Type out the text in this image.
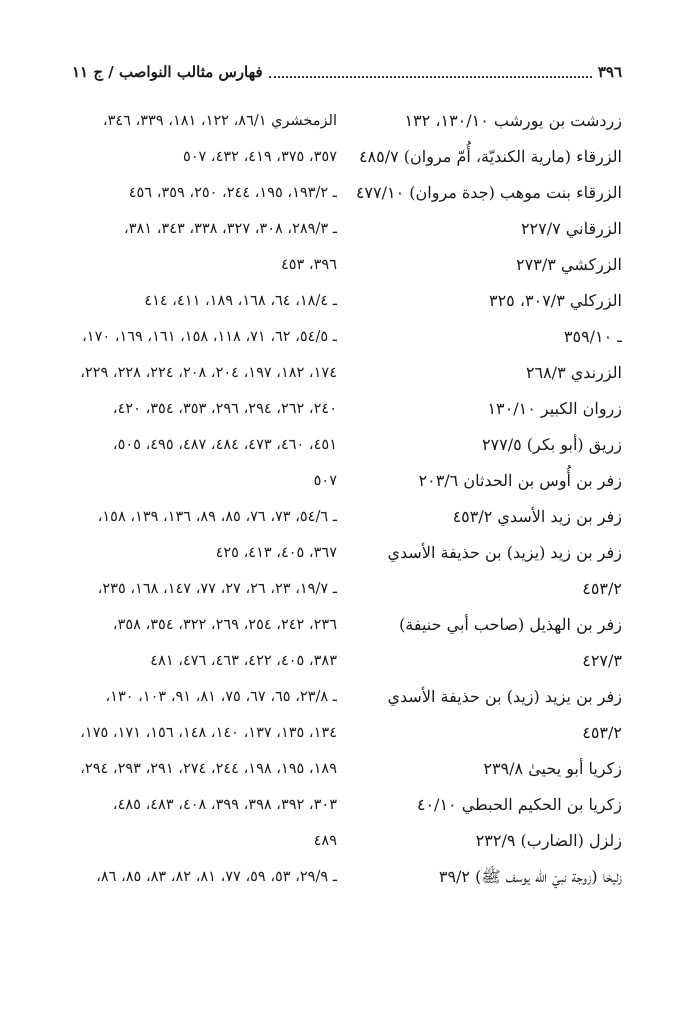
٣٩٦
فهارس مثالب النواصب / ج ١١
زردشت بن يورشب ١٣٠/١٠، ١٣٢
الزرقاء (مارية الكنديّة، أُمّ مروان) ٤٨٥/٧
الزرقاء بنت موهب (جدة مروان) ٤٧٧/١٠
الزرقاني ٢٢٧/٧
الزركشي ٢٧٣/٣
الزركلي ٣٠٧/٣، ٣٢٥
ـ ٣٥٩/١٠
الزرندي ٢٦٨/٣
زروان الكبير ١٣٠/١٠
زريق (أبو بكر) ٢٧٧/٥
زفر بن أُوس بن الحدثان ٢٠٣/٦
زفر بن زيد الأسدي ٤٥٣/٢
زفر بن زيد (يزيد) بن حذيفة الأسدي
٤٥٣/٢
زفر بن الهذيل (صاحب أبي حنيفة)
٤٢٧/٣
زفر بن يزيد (زيد) بن حذيفة الأسدي
٤٥٣/٢
زكريا أبو يحيىٰ ٢٣٩/٨
زكريا بن الحكيم الحبطي ٤٠/١٠
زلزل (الضارب) ٢٣٢/٩
زليخا (زوجة نبيّ الله يوسف ﷺ) ٣٩/٢
الزمخشري ٨٦/١، ١٢٢، ١٨١، ٣٣٩، ٣٤٦،
٣٥٧، ٣٧٥، ٤١٩، ٤٣٢، ٥٠٧
ـ ١٩٣/٢، ١٩٥، ٢٤٤، ٢٥٠، ٣٥٩، ٤٥٦
ـ ٢٨٩/٣، ٣٠٨، ٣٢٧، ٣٣٨، ٣٤٣، ٣٨١،
٣٩٦، ٤٥٣
ـ ١٨/٤، ٦٤، ١٦٨، ١٨٩، ٤١١، ٤١٤
ـ ٥٤/٥، ٦٢، ٧١، ١١٨، ١٥٨، ١٦١، ١٦٩، ١٧٠،
١٧٤، ١٨٢، ١٩٧، ٢٠٤، ٢٠٨، ٢٢٤، ٢٢٨، ٢٢٩،
٢٤٠، ٢٦٢، ٢٩٤، ٢٩٦، ٣٥٣، ٣٥٤، ٤٢٠،
٤٥١، ٤٦٠، ٤٧٣، ٤٨٤، ٤٨٧، ٤٩٥، ٥٠٥،
٥٠٧
ـ ٥٤/٦، ٧٣، ٧٦، ٨٥، ٨٩، ١٣٦، ١٣٩، ١٥٨،
٣٦٧، ٤٠٥، ٤١٣، ٤٢٥
ـ ١٩/٧، ٢٣، ٢٦، ٢٧، ٧٧، ١٤٧، ١٦٨، ٢٣٥،
٢٣٦، ٢٤٢، ٢٥٤، ٢٦٩، ٣٢٢، ٣٥٤، ٣٥٨،
٣٨٣، ٤٠٥، ٤٢٢، ٤٦٣، ٤٧٦، ٤٨١
ـ ٢٣/٨، ٦٥، ٦٧، ٧٥، ٨١، ٩١، ١٠٣، ١٣٠،
١٣٤، ١٣٥، ١٣٧، ١٤٠، ١٤٨، ١٥٦، ١٧١، ١٧٥،
١٨٩، ١٩٥، ١٩٨، ٢٤٤، ٢٧٤، ٢٩١، ٢٩٣، ٢٩٤،
٣٠٣، ٣٩٢، ٣٩٨، ٣٩٩، ٤٠٨، ٤٨٣، ٤٨٥،
٤٨٩
ـ ٢٩/٩، ٥٣، ٥٩، ٧٧، ٨١، ٨٢، ٨٣، ٨٥، ٨٦،
